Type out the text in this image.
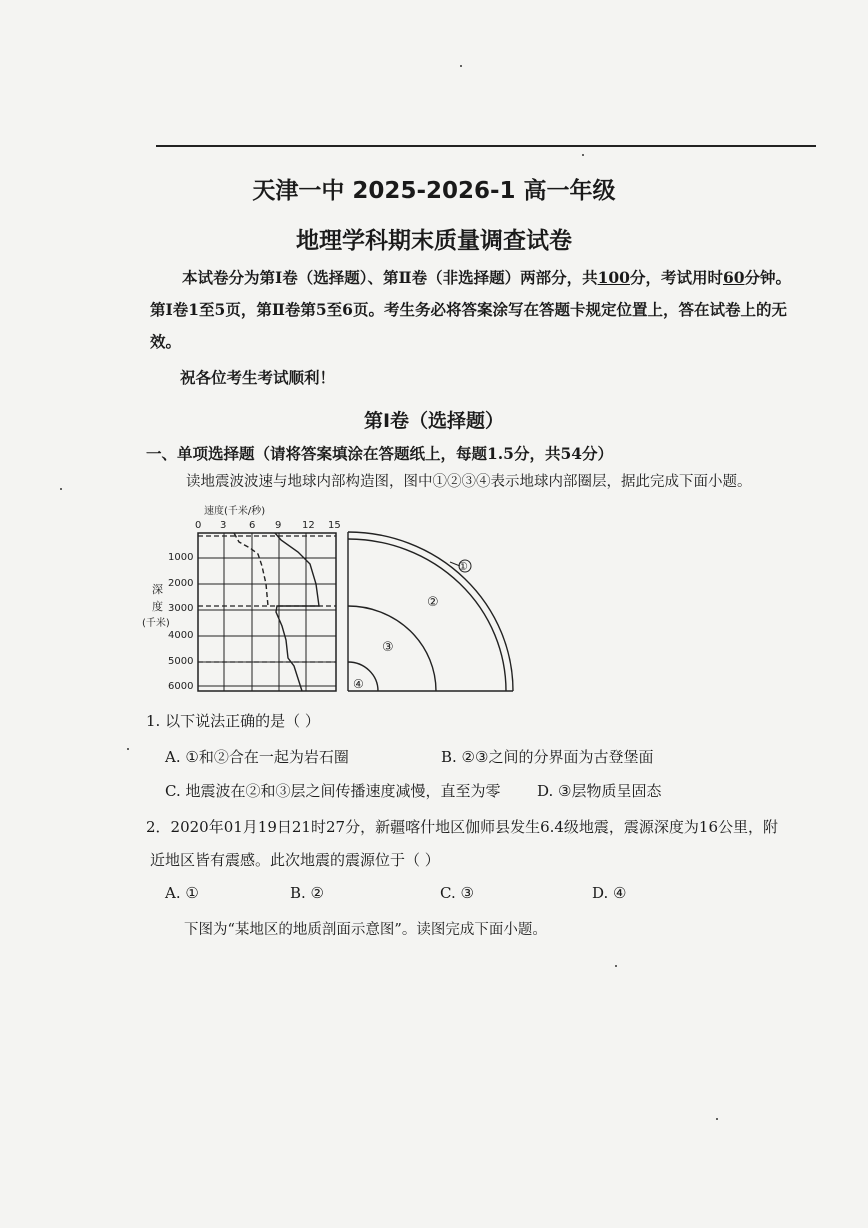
天津一中 2025-2026-1 高一年级
地理学科期末质量调查试卷
本试卷分为第Ⅰ卷（选择题）、第Ⅱ卷（非选择题）两部分，共100分，考试用时60分钟。第Ⅰ卷1至5页，第Ⅱ卷第5至6页。考生务必将答案涂写在答题卡规定位置上，答在试卷上的无效。
祝各位考生考试顺利！
第Ⅰ卷（选择题）
一、单项选择题（请将答案填涂在答题纸上，每题1.5分，共54分）
读地震波波速与地球内部构造图，图中①②③④表示地球内部圈层，据此完成下面小题。
速度(千米/秒)
0 3 6 9 12 15
1000
2000
3000
4000
5000
6000
深
度
(千米)
①
②
③
④
1. 以下说法正确的是（ ）
A. ①和②合在一起为岩石圈	B. ②③之间的分界面为古登堡面
C. 地震波在②和③层之间传播速度减慢，直至为零 D. ③层物质呈固态
2．2020年01月19日21时27分，新疆喀什地区伽师县发生6.4级地震，震源深度为16公里，附
近地区皆有震感。此次地震的震源位于（ ）
A. ①	B. ②	C. ③	D. ④
下图为“某地区的地质剖面示意图”。读图完成下面小题。
